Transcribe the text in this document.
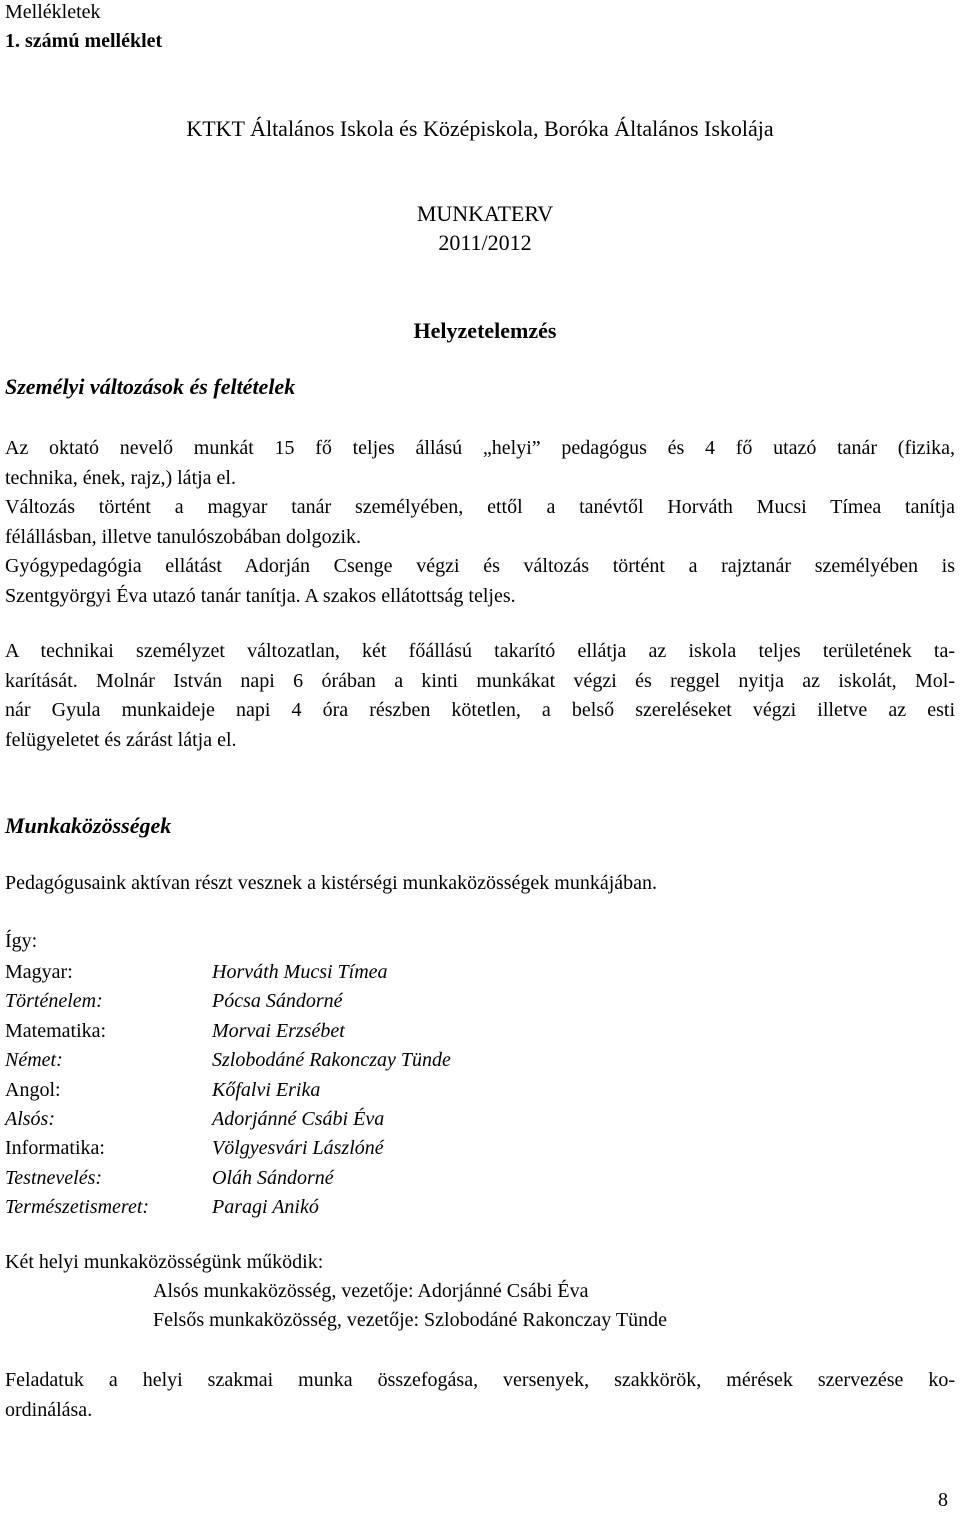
Mellékletek
1. számú melléklet
KTKT Általános Iskola és Középiskola, Boróka Általános Iskolája
MUNKATERV
2011/2012
Helyzetelemzés
Személyi változások és feltételek
Az oktató nevelő munkát 15 fő teljes állású „helyi” pedagógus és 4 fő utazó tanár (fizika,
technika, ének, rajz,) látja el.
Változás történt a magyar tanár személyében, ettől a tanévtől Horváth Mucsi Tímea tanítja
félállásban, illetve tanulószobában dolgozik.
Gyógypedagógia ellátást Adorján Csenge végzi és változás történt a rajztanár személyében is
Szentgyörgyi Éva utazó tanár tanítja. A szakos ellátottság teljes.
A technikai személyzet változatlan, két főállású takarító ellátja az iskola teljes területének ta-
karítását. Molnár István napi 6 órában a kinti munkákat végzi és reggel nyitja az iskolát, Mol-
nár Gyula munkaideje napi 4 óra részben kötetlen, a belső szereléseket végzi illetve az esti
felügyeletet és zárást látja el.
Munkaközösségek
Pedagógusaink aktívan részt vesznek a kistérségi munkaközösségek munkájában.
Így:
Magyar:	Horváth Mucsi Tímea
Történelem:	Pócsa Sándorné
Matematika:	Morvai Erzsébet
Német:	Szlobodáné Rakonczay Tünde
Angol:	Kőfalvi Erika
Alsós:	Adorjánné Csábi Éva
Informatika:	Völgyesvári Lászlóné
Testnevelés:	Oláh Sándorné
Természetismeret:	Paragi Anikó
Két helyi munkaközösségünk működik:
Alsós munkaközösség, vezetője: Adorjánné Csábi Éva
Felsős munkaközösség, vezetője: Szlobodáné Rakonczay Tünde
Feladatuk a helyi szakmai munka összefogása, versenyek, szakkörök, mérések szervezése ko-
ordinálása.
8
